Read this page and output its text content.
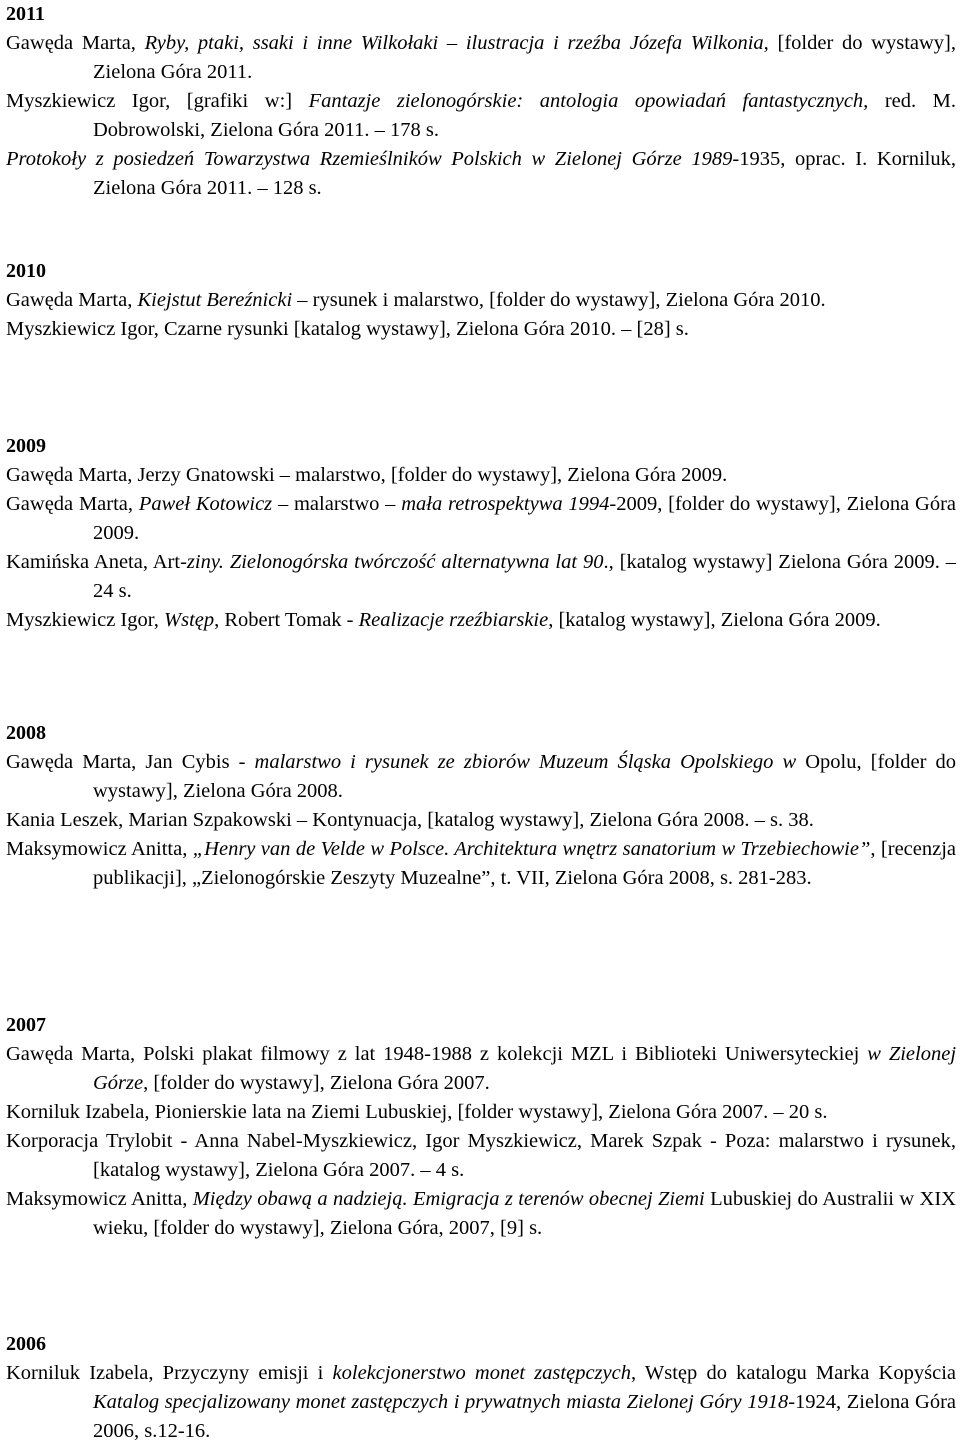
2011

Gawęda Marta, Ryby, ptaki, ssaki i inne Wilkołaki – ilustracja i rzeźba Józefa Wilkonia, [folder do wystawy], Zielona Góra 2011.

Myszkiewicz Igor, [grafiki w:] Fantazje zielonogórskie: antologia opowiadań fantastycznych, red. M. Dobrowolski, Zielona Góra 2011. – 178 s.

Protokoły z posiedzeń Towarzystwa Rzemieślników Polskich w Zielonej Górze 1989-1935, oprac. I. Korniluk, Zielona Góra 2011. – 128 s.

2010

Gawęda Marta, Kiejstut Bereźnicki – rysunek i malarstwo, [folder do wystawy], Zielona Góra 2010.

Myszkiewicz Igor, Czarne rysunki [katalog wystawy], Zielona Góra 2010. – [28] s.

2009

Gawęda Marta, Jerzy Gnatowski – malarstwo, [folder do wystawy], Zielona Góra 2009.

Gawęda Marta, Paweł Kotowicz – malarstwo – mała retrospektywa 1994-2009, [folder do wystawy], Zielona Góra 2009.

Kamińska Aneta, Art-ziny. Zielonogórska twórczość alternatywna lat 90., [katalog wystawy] Zielona Góra 2009. – 24 s.

Myszkiewicz Igor, Wstęp, Robert Tomak - Realizacje rzeźbiarskie, [katalog wystawy], Zielona Góra 2009.

2008

Gawęda Marta, Jan Cybis - malarstwo i rysunek ze zbiorów Muzeum Śląska Opolskiego w Opolu, [folder do wystawy], Zielona Góra 2008.

Kania Leszek, Marian Szpakowski – Kontynuacja, [katalog wystawy], Zielona Góra 2008. – s. 38.

Maksymowicz Anitta, „Henry van de Velde w Polsce. Architektura wnętrz sanatorium w Trzebiechowie”, [recenzja publikacji], „Zielonogórskie Zeszyty Muzealne”, t. VII, Zielona Góra 2008, s. 281-283.

2007

Gawęda Marta, Polski plakat filmowy z lat 1948-1988 z kolekcji MZL i Biblioteki Uniwersyteckiej w Zielonej Górze, [folder do wystawy], Zielona Góra 2007.

Korniluk Izabela, Pionierskie lata na Ziemi Lubuskiej, [folder wystawy], Zielona Góra 2007. – 20 s.

Korporacja Trylobit - Anna Nabel-Myszkiewicz, Igor Myszkiewicz, Marek Szpak - Poza: malarstwo i rysunek, [katalog wystawy], Zielona Góra 2007. – 4 s.

Maksymowicz Anitta, Między obawą a nadzieją. Emigracja z terenów obecnej Ziemi Lubuskiej do Australii w XIX wieku, [folder do wystawy], Zielona Góra, 2007, [9] s.

2006

Korniluk Izabela, Przyczyny emisji i kolekcjonerstwo monet zastępczych, Wstęp do katalogu Marka Kopyścia Katalog specjalizowany monet zastępczych i prywatnych miasta Zielonej Góry 1918-1924, Zielona Góra 2006, s.12-16.
